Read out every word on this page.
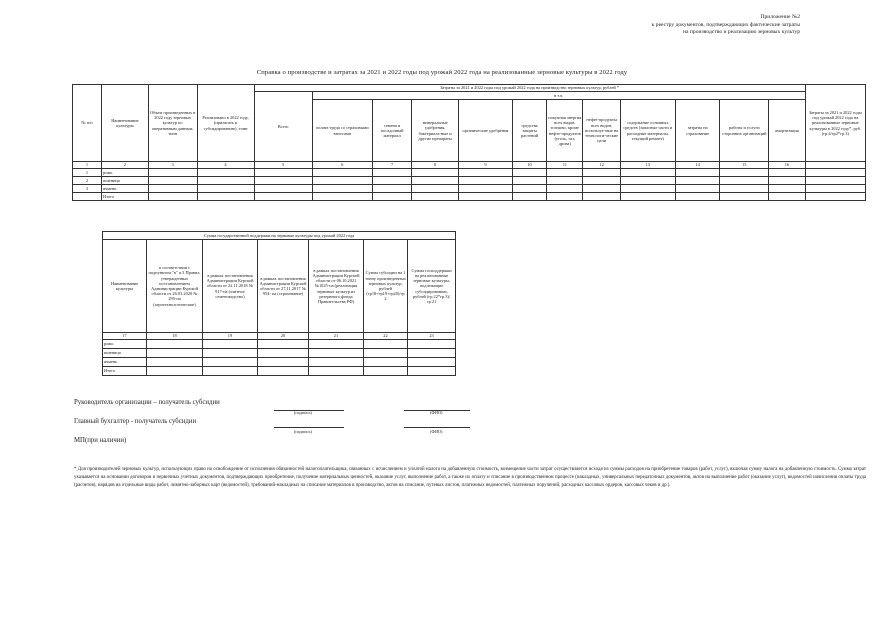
Приложение №2
к реестру документов, подтверждающих фактические затраты
на производство и реализацию зерновых культур
Справка о производстве и затратах за 2021 и 2022 годы под урожай 2022 года на реализованные зерновые культуры в 2022 году
№ п/п	Наименование культуры	Объем произведенных в 2022 году зерновых культур по оперативным данным, тонн	Реализовано в 2022 году, (прилагать к субсидированию), тонн	Затраты за 2021 и 2022 годы под урожай 2022 года на производство зерновых культур, рублей *												Затраты за 2021 и 2022 годы под урожай 2022 года на реализованные зерновые культуры в 2022 году*, руб. (гр.4/гр2*гр.3)
				Всего	в т.ч.											
					оплата труда со страховыми взносами	семена и посадочный материал	минеральные удобрения, бактериаль-ные и другие препараты	органические удобрения	средства защиты растений	покупная энергия всех видов, топливо, кроме нефте-продуктов (уголь, газ, дрова)	нефте-продукты всех видов, используе-мые на технологи-ческие цели	содержание основных средств (запасные части и расходные материалы, текущий ремонт)	затраты на страхование	работы и услуги сторонних организаций	амортизация	
1	2	3	4	5	6	7	8	9	10	11	12	13	14	15	16	
1	рожь															
2	пшеница															
3	ячмень															
	Итого															
Сумма государственной поддержки на зерновые культуры под урожай 2022 года						
Наименование культуры	в соответствии с подпунктом "в" п.3 Правил, утвержденных постановлением Администрации Курской области от 26.03.2020 № 295-па (агротехнологические)	в рамках постановления Администрации Курской области от 22.11.2018 № 917-па (элитное семеноводство)	в рамках постановления Администрации Курской области от 27.11.2017 № 954- па (страхование)	в рамках постановления Администрации Курской области от 06.10.2021 №1025-па (реализация зерновых культур из резервного фонда Правительства РФ)	Сумма субсидии на 1 тонну произведенных зерновых культур, рублей (гр18+гр19+гр20)/гр 2	Сумма господдержки на реализованные зерновые культуры, подлежащие субсидированию, рублей (гр.22*гр.3)/гр.21
17	18	19	20	21	22	23
рожь						
пшеница						
ячмень						
Итого						
Руководитель организации – получатель субсидии
(подпись)	(ФИО)
Главный бухгалтер - получатель субсидии
(подпись)	(ФИО)
МП(при наличии)
* Для производителей зерновых культур, использующих право на освобождение от исполнения обязанностей налогоплательщика, связанных с исчислением и уплатой налога на добавленную стоимость, возмещение части затрат осуществляется исходя из суммы расходов на приобретение товаров (работ, услуг), включая сумму налога на добавленную стоимость. Сумма затрат указывается на основании договоров и первичных учетных документов, подтверждающих приобретение, получение материальных ценностей, оказание услуг, выполнение работ, а также их оплату и списание в производственном процессе (накладных, универсальных передаточных документов, актов на выполнение работ (оказание услуг), ведомостей начисления оплаты труда (расчетов), нарядов на отдельные виды работ, лимитно-заборных карт (ведомостей), требований-накладных на списание материалов в производство, актов на списание, путевых листов, платежных ведомостей, платежных поручений, расходных кассовых ордеров, кассовых чеков и др.).
